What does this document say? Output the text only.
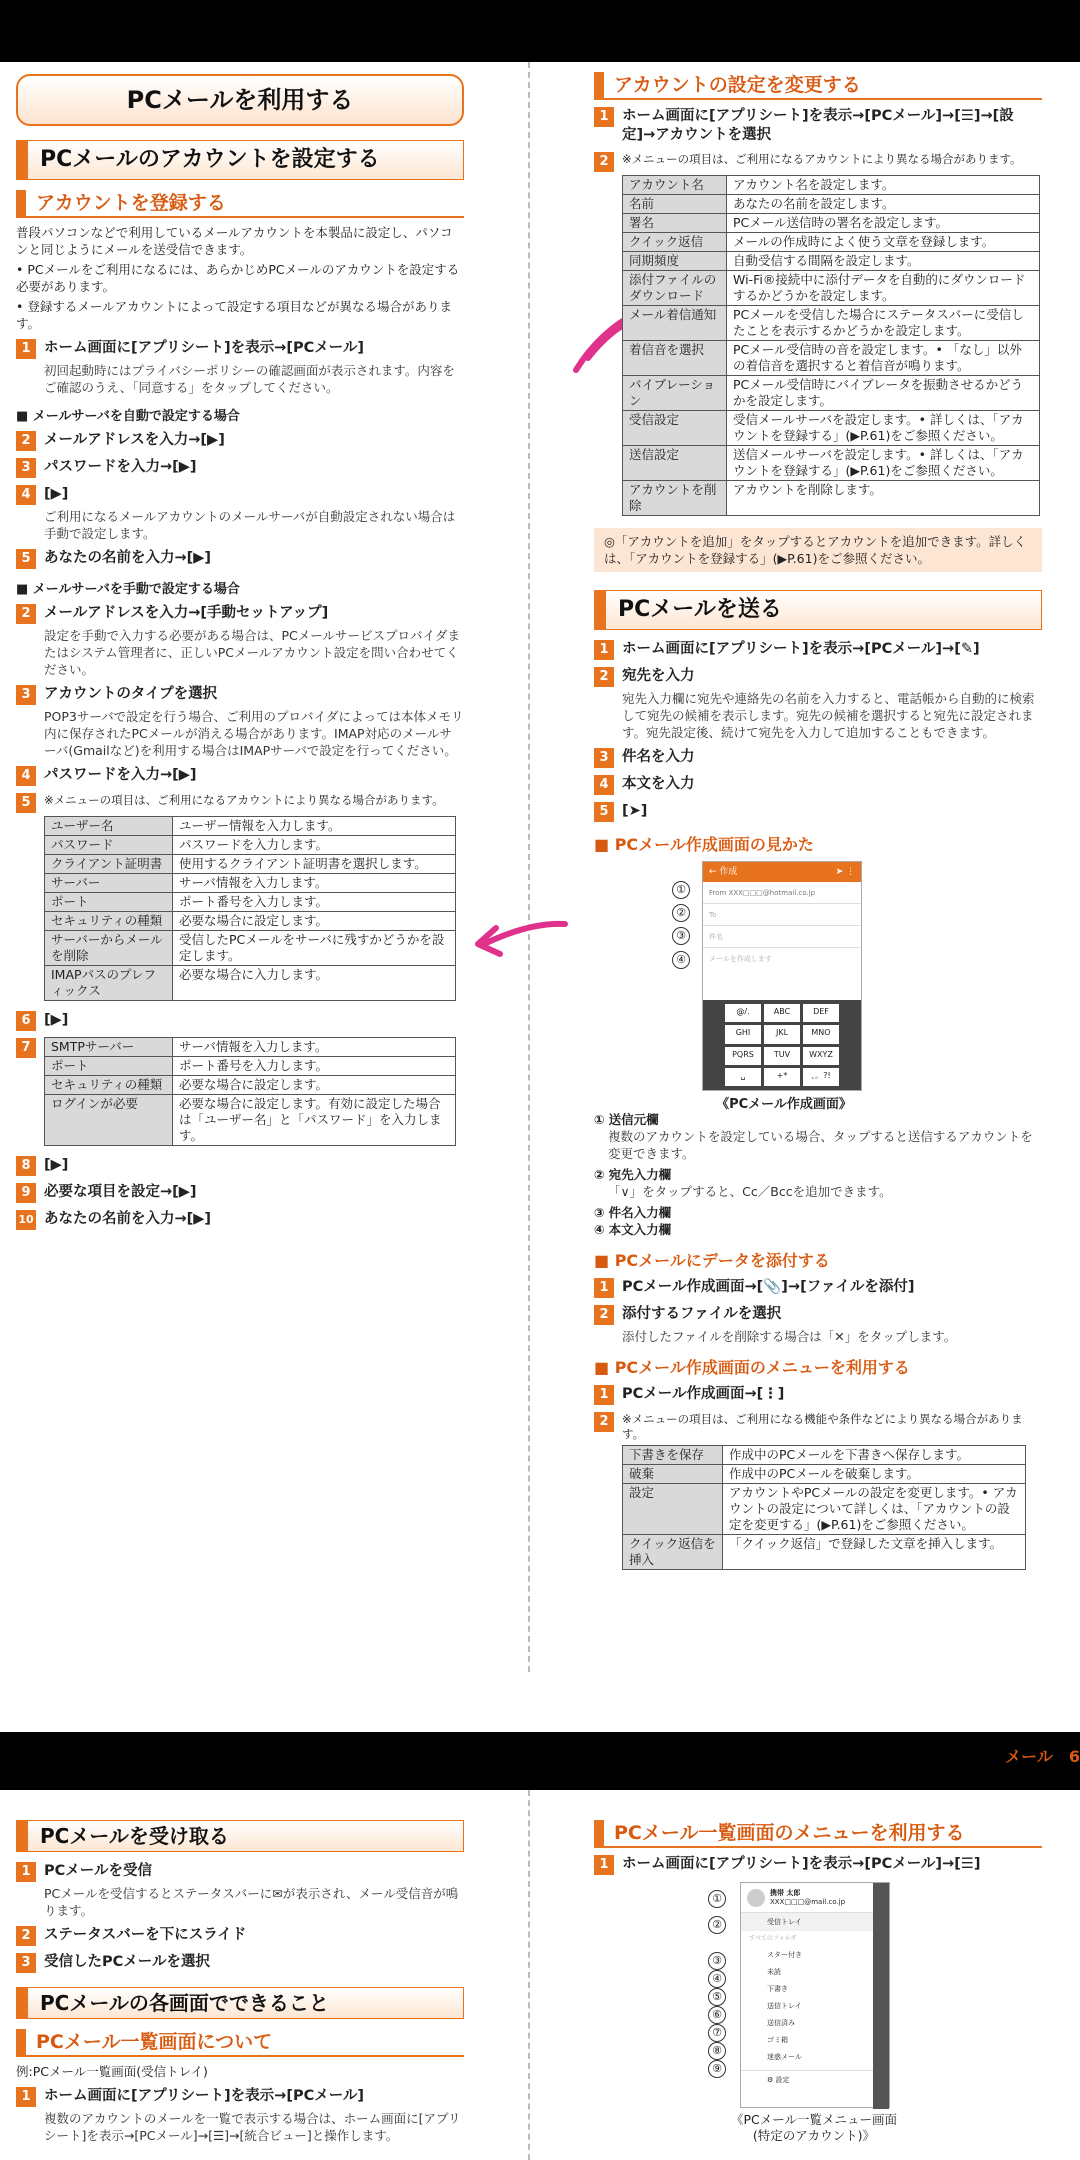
PCメールを利用する
PCメールのアカウントを設定する
アカウントを登録する
普段パソコンなどで利用しているメールアカウントを本製品に設定し、パソコンと同じようにメールを送受信できます。
• PCメールをご利用になるには、あらかじめPCメールのアカウントを設定する必要があります。
• 登録するメールアカウントによって設定する項目などが異なる場合があります。
1 ホーム画面に[アプリシート]を表示→[PCメール]
初回起動時にはプライバシーポリシーの確認画面が表示されます。内容をご確認のうえ、「同意する」をタップしてください。
■ メールサーバを自動で設定する場合
2 メールアドレスを入力→[▶]
3 パスワードを入力→[▶]
4 [▶]
ご利用になるメールアカウントのメールサーバが自動設定されない場合は手動で設定します。
5 あなたの名前を入力→[▶]
■ メールサーバを手動で設定する場合
2 メールアドレスを入力→[手動セットアップ]
設定を手動で入力する必要がある場合は、PCメールサービスプロバイダまたはシステム管理者に、正しいPCメールアカウント設定を問い合わせてください。
3 アカウントのタイプを選択
POP3サーバで設定を行う場合、ご利用のプロバイダによっては本体メモリ内に保存されたPCメールが消える場合があります。IMAP対応のメールサーバ(Gmailなど)を利用する場合はIMAPサーバで設定を行ってください。
4 パスワードを入力→[▶]
5	※メニューの項目は、ご利用になるアカウントにより異なる場合があります。
ユーザー名	ユーザー情報を入力します。
パスワード	パスワードを入力します。
クライアント証明書	使用するクライアント証明書を選択します。
サーバー	サーバ情報を入力します。
ポート	ポート番号を入力します。
セキュリティの種類	必要な場合に設定します。
サーバーからメールを削除	受信したPCメールをサーバに残すかどうかを設定します。
IMAPパスのプレフィックス	必要な場合に入力します。
6 [▶]
7	SMTPサーバー	サーバ情報を入力します。
ポート	ポート番号を入力します。
セキュリティの種類	必要な場合に設定します。
ログインが必要	必要な場合に設定します。有効に設定した場合は「ユーザー名」と「パスワード」を入力します。
8 [▶]
9 必要な項目を設定→[▶]
10 あなたの名前を入力→[▶]
アカウントの設定を変更する
1 ホーム画面に[アプリシート]を表示→[PCメール]→[☰]→[設定]→アカウントを選択
2	※メニューの項目は、ご利用になるアカウントにより異なる場合があります。
アカウント名	アカウント名を設定します。
名前	あなたの名前を設定します。
署名	PCメール送信時の署名を設定します。
クイック返信	メールの作成時によく使う文章を登録します。
同期頻度	自動受信する間隔を設定します。
添付ファイルのダウンロード	Wi-Fi®接続中に添付データを自動的にダウンロードするかどうかを設定します。
メール着信通知	PCメールを受信した場合にステータスバーに受信したことを表示するかどうかを設定します。
着信音を選択	PCメール受信時の音を設定します。• 「なし」以外の着信音を選択すると着信音が鳴ります。
バイブレーション	PCメール受信時にバイブレータを振動させるかどうかを設定します。
受信設定	受信メールサーバを設定します。• 詳しくは、「アカウントを登録する」(▶P.61)をご参照ください。
送信設定	送信メールサーバを設定します。• 詳しくは、「アカウントを登録する」(▶P.61)をご参照ください。
アカウントを削除	アカウントを削除します。
◎「アカウントを追加」をタップするとアカウントを追加できます。詳しくは、「アカウントを登録する」(▶P.61)をご参照ください。
PCメールを送る
1 ホーム画面に[アプリシート]を表示→[PCメール]→[✎]
2 宛先を入力
宛先入力欄に宛先や連絡先の名前を入力すると、電話帳から自動的に検索して宛先の候補を表示します。宛先の候補を選択すると宛先に設定されます。宛先設定後、続けて宛先を入力して追加することもできます。
3 件名を入力
4 本文を入力
5 [➤]
■ PCメール作成画面の見かた
← 作成	➤ ⋮
From XXX□□□@hotmail.co.jp
To
件名
メールを作成します
@/.	ABC	DEF
GHI	JKL	MNO
PQRS	TUV	WXYZ
␣	+*	、。?!
①
②
③
④
《PCメール作成画面》
① 送信元欄
複数のアカウントを設定している場合、タップすると送信するアカウントを変更できます。
② 宛先入力欄
「∨」をタップすると、Cc／Bccを追加できます。
③ 件名入力欄
④ 本文入力欄
■ PCメールにデータを添付する
1 PCメール作成画面→[📎]→[ファイルを添付]
2 添付するファイルを選択
添付したファイルを削除する場合は「✕」をタップします。
■ PCメール作成画面のメニューを利用する
1 PCメール作成画面→[⋮]
2	※メニューの項目は、ご利用になる機能や条件などにより異なる場合があります。
下書きを保存	作成中のPCメールを下書きへ保存します。
破棄	作成中のPCメールを破棄します。
設定	アカウントやPCメールの設定を変更します。• アカウントの設定について詳しくは、「アカウントの設定を変更する」(▶P.61)をご参照ください。
クイック返信を挿入	「クイック返信」で登録した文章を挿入します。
メール　6
PCメールを受け取る
1 PCメールを受信
PCメールを受信するとステータスバーに✉が表示され、メール受信音が鳴ります。
2 ステータスバーを下にスライド
3 受信したPCメールを選択
PCメールの各画面でできること
PCメール一覧画面について
例:PCメール一覧画面(受信トレイ)
1 ホーム画面に[アプリシート]を表示→[PCメール]
複数のアカウントのメールを一覧で表示する場合は、ホーム画面に[アプリシート]を表示→[PCメール]→[☰]→[統合ビュー]と操作します。
PCメール一覧画面のメニューを利用する
1 ホーム画面に[アプリシート]を表示→[PCメール]→[☰]
携帯 太郎
XXX□□□@mail.co.jp
受信トレイ
すべてのフォルダ
スター付き
未読
下書き
送信トレイ
送信済み
ゴミ箱
迷惑メール
⚙ 設定
①
②
③
④
⑤
⑥
⑦
⑧
⑨
《PCメール一覧メニュー画面
(特定のアカウント)》
